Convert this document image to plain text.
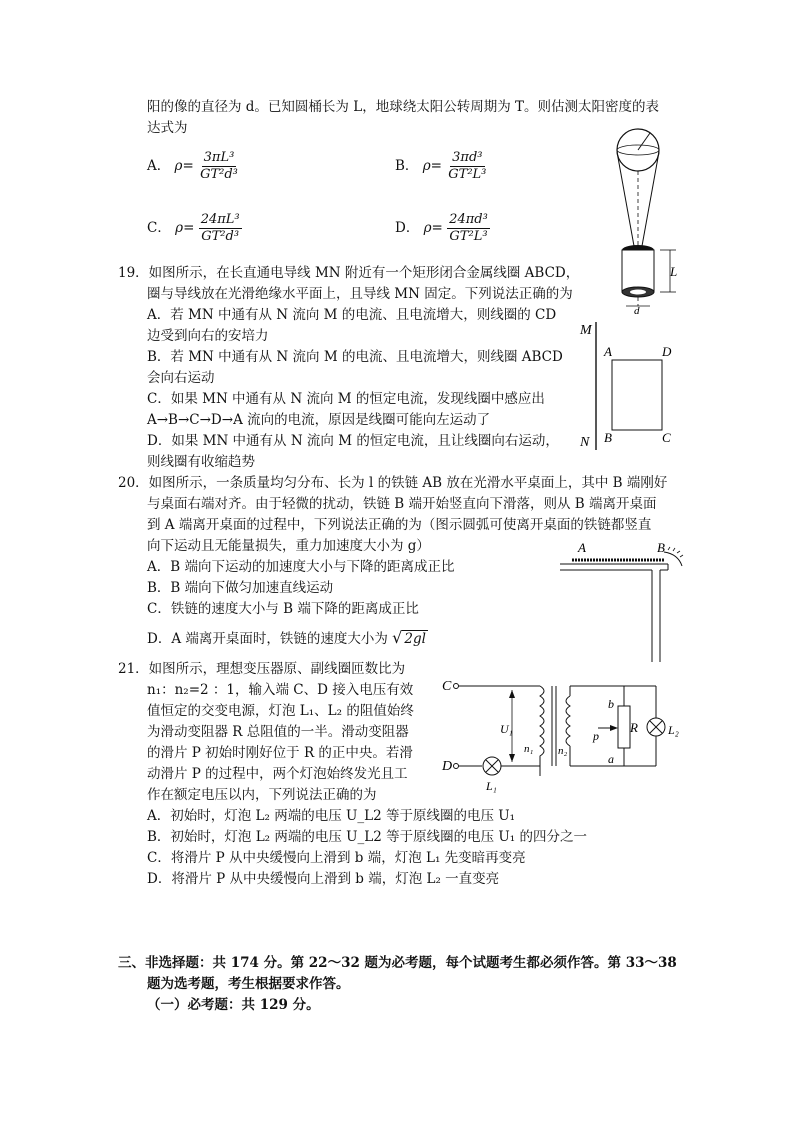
阳的像的直径为 d。已知圆桶长为 L，地球绕太阳公转周期为 T。则估测太阳密度的表
达式为
A． $\rho= \frac{\text{3πL³}}{\text{GT²d³}}$	B． $\rho= \frac{\text{3πd³}}{\text{GT²L³}}$
C． $\rho= \frac{\text{24πL³}}{\text{GT²d³}}$	D． $\rho= \frac{\text{24πd³}}{\text{GT²L³}}$
L
d
19．如图所示，在长直通电导线 MN 附近有一个矩形闭合金属线圈 ABCD，
圈与导线放在光滑绝缘水平面上，且导线 MN 固定。下列说法正确的为
A．若 MN 中通有从 N 流向 M 的电流、且电流增大，则线圈的 CD
边受到向右的安培力
B．若 MN 中通有从 N 流向 M 的电流、且电流增大，则线圈 ABCD
会向右运动
C．如果 MN 中通有从 N 流向 M 的恒定电流，发现线圈中感应出
A→B→C→D→A 流向的电流，原因是线圈可能向左运动了
D．如果 MN 中通有从 N 流向 M 的恒定电流，且让线圈向右运动，
则线圈有收缩趋势
M
N
A	D
B	C
20．如图所示，一条质量均匀分布、长为 l 的铁链 AB 放在光滑水平桌面上，其中 B 端刚好
与桌面右端对齐。由于轻微的扰动，铁链 B 端开始竖直向下滑落，则从 B 端离开桌面
到 A 端离开桌面的过程中，下列说法正确的为（图示圆弧可使离开桌面的铁链都竖直
向下运动且无能量损失，重力加速度大小为 g）
A．B 端向下运动的加速度大小与下降的距离成正比
B．B 端向下做匀加速直线运动
C．铁链的速度大小与 B 端下降的距离成正比
D．A 端离开桌面时，铁链的速度大小为 √ 2gl
A	B
21．如图所示，理想变压器原、副线圈匝数比为
n₁：n₂=2 ：1，输入端 C、D 接入电压有效
值恒定的交变电源，灯泡 L₁、L₂ 的阻值始终
为滑动变阻器 R 总阻值的一半。滑动变阻器
的滑片 P 初始时刚好位于 R 的正中央。若滑
动滑片 P 的过程中，两个灯泡始终发光且工
作在额定电压以内，下列说法正确的为
A．初始时，灯泡 L₂ 两端的电压 U_L2 等于原线圈的电压 U₁
B．初始时，灯泡 L₂ 两端的电压 U_L2 等于原线圈的电压 U₁ 的四分之一
C．将滑片 P 从中央缓慢向上滑到 b 端，灯泡 L₁ 先变暗再变亮
D．将滑片 P 从中央缓慢向上滑到 b 端，灯泡 L₂ 一直变亮
C
D
L₁
U₁
n₁ n₂
R
b
a
p	L₂
三、非选择题：共 174 分。第 22～32 题为必考题，每个试题考生都必须作答。第 33～38
题为选考题，考生根据要求作答。
（一）必考题：共 129 分。
